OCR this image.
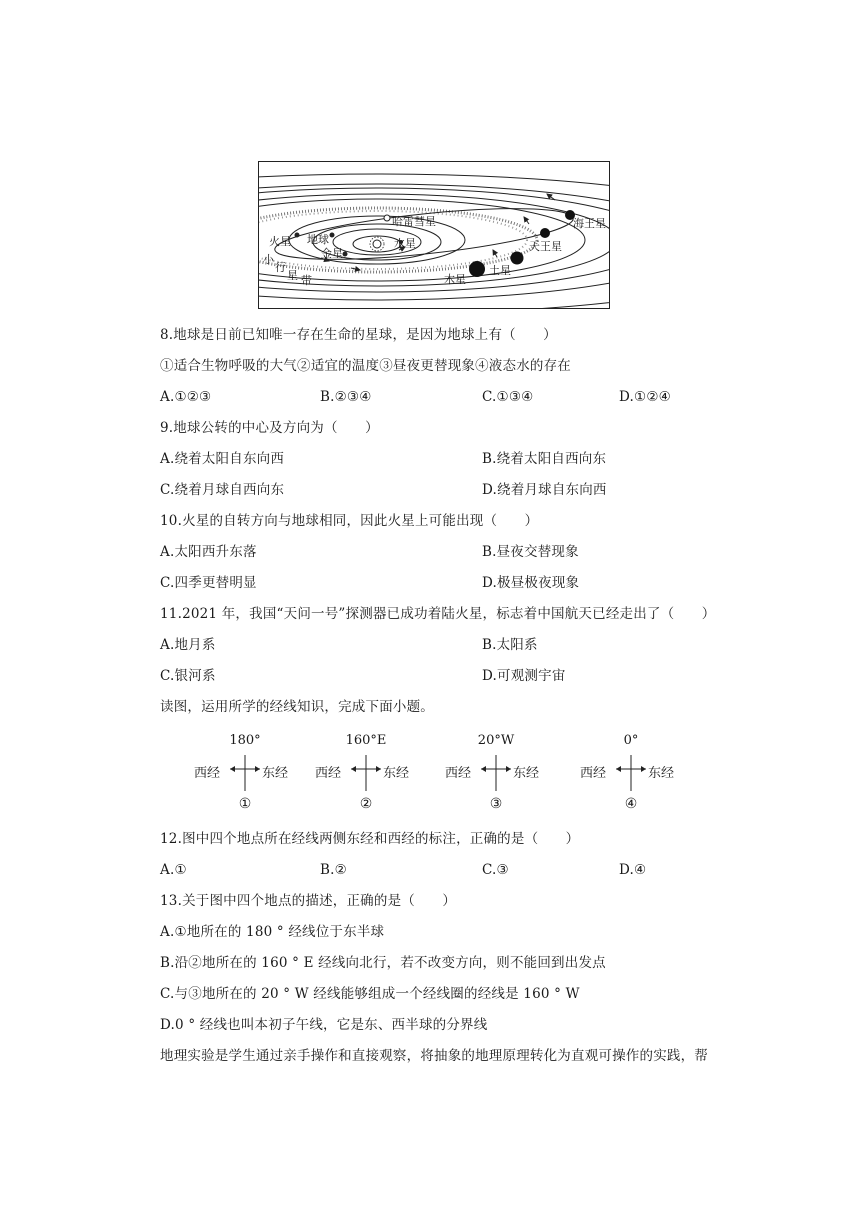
哈雷彗星	海王星
火星 地球	水星
金星
天王星
土星
木星
小
行
星 带
8.地球是日前已知唯一存在生命的星球，是因为地球上有（　　）
①适合生物呼吸的大气②适宜的温度③昼夜更替现象④液态水的存在
A.①②③	B.②③④	C.①③④	D.①②④
9.地球公转的中心及方向为（　　）
A.绕着太阳自东向西	B.绕着太阳自西向东
C.绕着月球自西向东	D.绕着月球自东向西
10.火星的自转方向与地球相同，因此火星上可能出现（　　）
A.太阳西升东落	B.昼夜交替现象
C.四季更替明显	D.极昼极夜现象
11.2021 年，我国“天问一号”探测器已成功着陆火星，标志着中国航天已经走出了（　　）
A.地月系	B.太阳系
C.银河系	D.可观测宇宙
读图，运用所学的经线知识，完成下面小题。
180°
西经	东经
①
160°E
西经	东经
②
20°W
西经	东经
③
0°
西经	东经
④
12.图中四个地点所在经线两侧东经和西经的标注，正确的是（　　）
A.①	B.②	C.③	D.④
13.关于图中四个地点的描述，正确的是（　　）
A.①地所在的 180 ° 经线位于东半球
B.沿②地所在的 160 ° E 经线向北行，若不改变方向，则不能回到出发点
C.与③地所在的 20 ° W 经线能够组成一个经线圈的经线是 160 ° W
D.0 ° 经线也叫本初子午线，它是东、西半球的分界线
地理实验是学生通过亲手操作和直接观察，将抽象的地理原理转化为直观可操作的实践，帮
